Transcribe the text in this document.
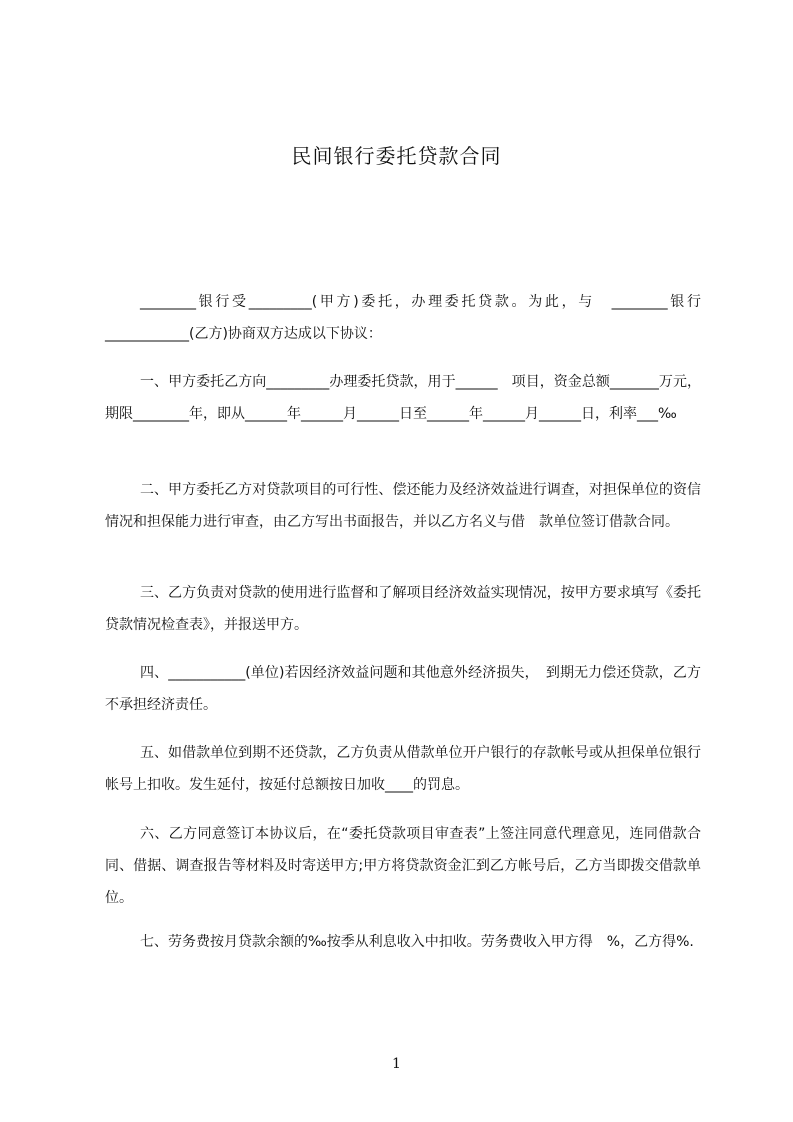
民间银行委托贷款合同

________银行受_________(甲方)委托，办理委托贷款。为此，与　________银行____________(乙方)协商双方达成以下协议：

一、甲方委托乙方向_________办理委托贷款，用于______　项目，资金总额_______万元，期限________年，即从______年______月______日至______年______月______日，利率___‰

二、甲方委托乙方对贷款项目的可行性、偿还能力及经济效益进行调查，对担保单位的资信情况和担保能力进行审查，由乙方写出书面报告，并以乙方名义与借　款单位签订借款合同。

三、乙方负责对贷款的使用进行监督和了解项目经济效益实现情况，按甲方要求填写《委托贷款情况检查表》，并报送甲方。

四、___________(单位)若因经济效益问题和其他意外经济损失，　到期无力偿还贷款，乙方不承担经济责任。

五、如借款单位到期不还贷款，乙方负责从借款单位开户银行的存款帐号或从担保单位银行帐号上扣收。发生延付，按延付总额按日加收____的罚息。

六、乙方同意签订本协议后，在“委托贷款项目审查表”上签注同意代理意见，连同借款合同、借据、调查报告等材料及时寄送甲方;甲方将贷款资金汇到乙方帐号后，乙方当即拨交借款单位。

七、劳务费按月贷款余额的‰按季从利息收入中扣收。劳务费收入甲方得　%，乙方得%.

1
